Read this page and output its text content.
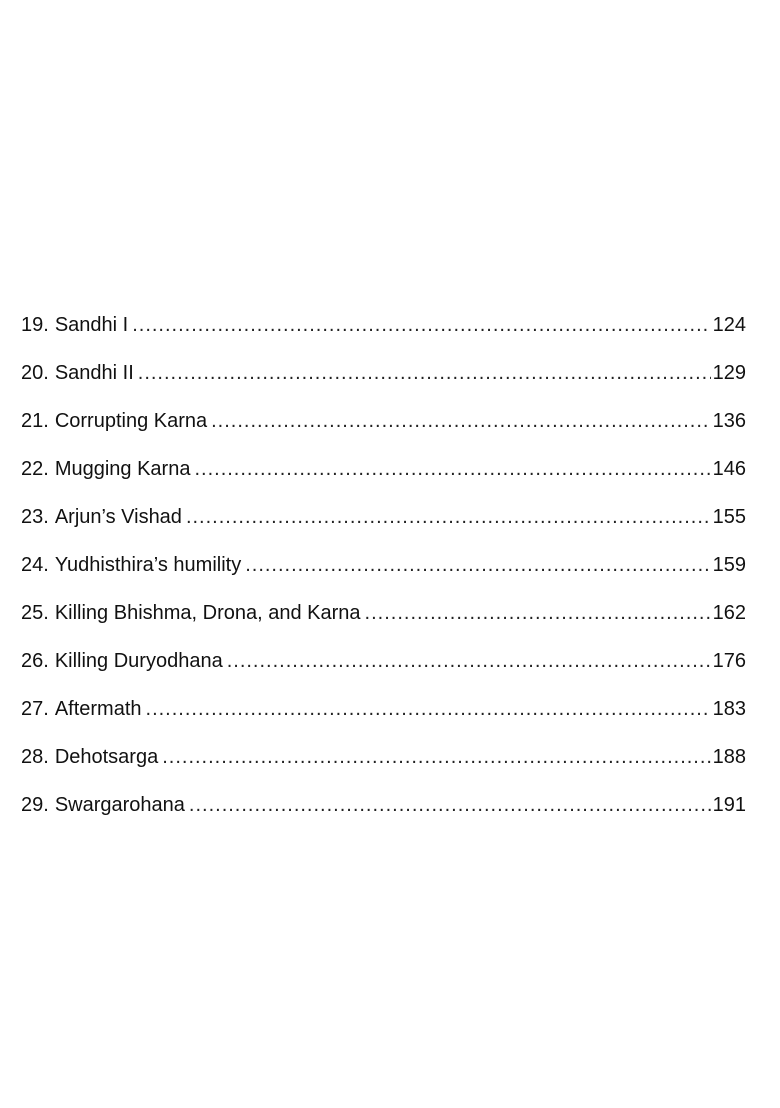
19. Sandhi I .....	124
20. Sandhi II .....	129
21. Corrupting Karna .....	136
22. Mugging Karna .....	146
23. Arjun’s Vishad .....	155
24. Yudhisthira’s humility .....	159
25. Killing Bhishma, Drona, and Karna .....	162
26. Killing Duryodhana .....	176
27. Aftermath .....	183
28. Dehotsarga .....	188
29. Swargarohana .....	191
